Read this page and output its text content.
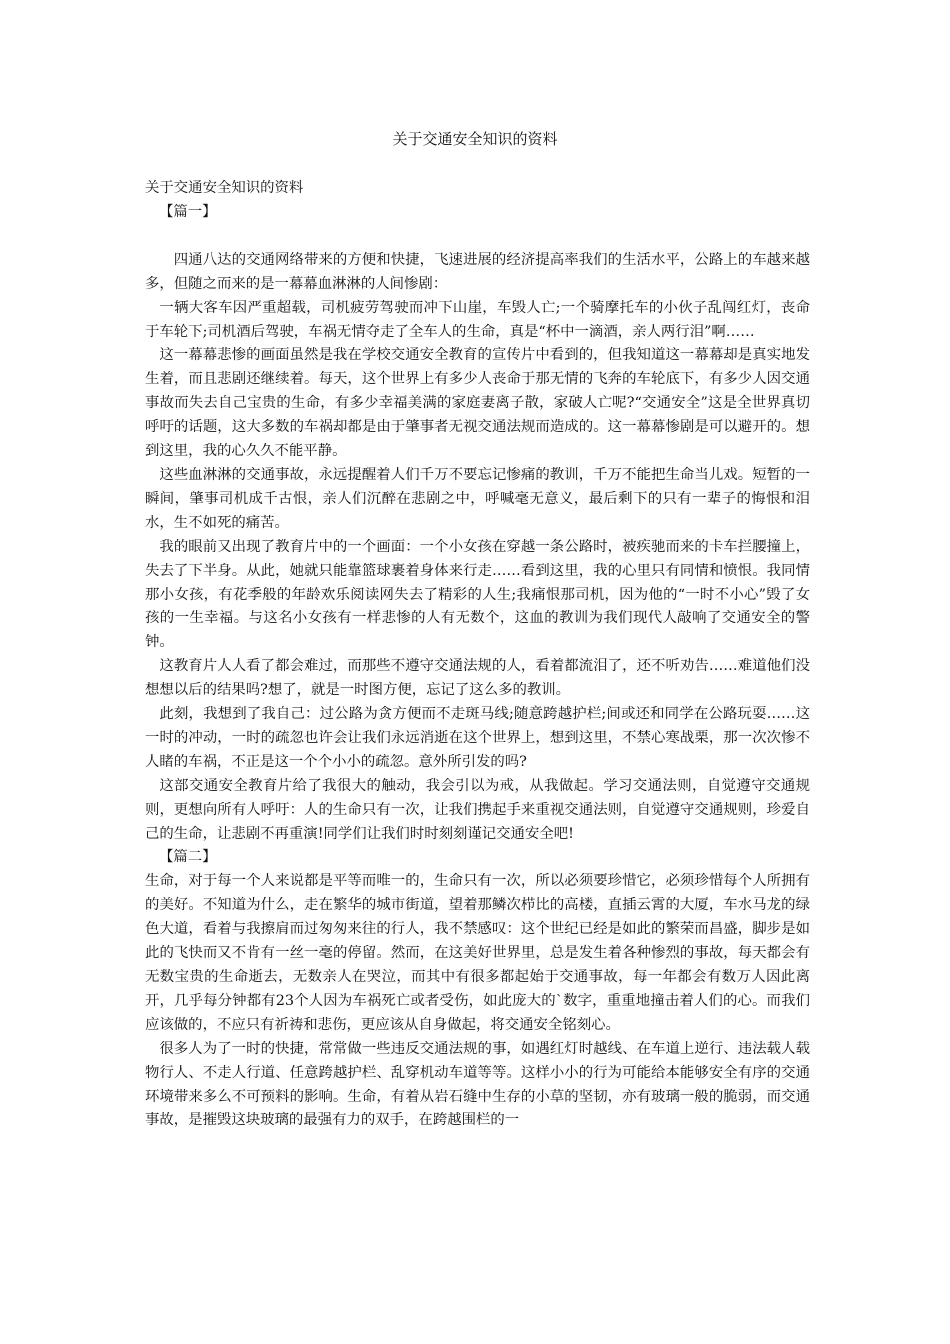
关于交通安全知识的资料

关于交通安全知识的资料

【篇一】

四通八达的交通网络带来的方便和快捷，飞速进展的经济提高率我们的生活水平，公路上的车越来越多，但随之而来的是一幕幕血淋淋的人间惨剧：

一辆大客车因严重超载，司机疲劳驾驶而冲下山崖，车毁人亡;一个骑摩托车的小伙子乱闯红灯，丧命于车轮下;司机酒后驾驶，车祸无情夺走了全车人的生命，真是“杯中一滴酒，亲人两行泪”啊……

这一幕幕悲惨的画面虽然是我在学校交通安全教育的宣传片中看到的，但我知道这一幕幕却是真实地发生着，而且悲剧还继续着。每天，这个世界上有多少人丧命于那无情的飞奔的车轮底下，有多少人因交通事故而失去自己宝贵的生命，有多少幸福美满的家庭妻离子散，家破人亡呢?“交通安全”这是全世界真切呼吁的话题，这大多数的车祸却都是由于肇事者无视交通法规而造成的。这一幕幕惨剧是可以避开的。想到这里，我的心久久不能平静。

这些血淋淋的交通事故，永远提醒着人们千万不要忘记惨痛的教训，千万不能把生命当儿戏。短暂的一瞬间，肇事司机成千古恨，亲人们沉醉在悲剧之中，呼喊毫无意义，最后剩下的只有一辈子的悔恨和泪水，生不如死的痛苦。

我的眼前又出现了教育片中的一个画面：一个小女孩在穿越一条公路时，被疾驰而来的卡车拦腰撞上，失去了下半身。从此，她就只能靠篮球裹着身体来行走……看到这里，我的心里只有同情和愤恨。我同情那小女孩，有花季般的年龄欢乐阅读网失去了精彩的人生;我痛恨那司机，因为他的“一时不小心”毁了女孩的一生幸福。与这名小女孩有一样悲惨的人有无数个，这血的教训为我们现代人敲响了交通安全的警钟。

这教育片人人看了都会难过，而那些不遵守交通法规的人，看着都流泪了，还不听劝告……难道他们没想想以后的结果吗?想了，就是一时图方便，忘记了这么多的教训。

此刻，我想到了我自己：过公路为贪方便而不走斑马线;随意跨越护栏;间或还和同学在公路玩耍……这一时的冲动，一时的疏忽也许会让我们永远消逝在这个世界上，想到这里，不禁心寒战栗，那一次次惨不人睹的车祸，不正是这一个个小小的疏忽。意外所引发的吗?

这部交通安全教育片给了我很大的触动，我会引以为戒，从我做起。学习交通法则，自觉遵守交通规则，更想向所有人呼吁：人的生命只有一次，让我们携起手来重视交通法则，自觉遵守交通规则，珍爱自己的生命，让悲剧不再重演!同学们让我们时时刻刻谨记交通安全吧!

【篇二】

生命，对于每一个人来说都是平等而唯一的，生命只有一次，所以必须要珍惜它，必须珍惜每个人所拥有的美好。不知道为什么，走在繁华的城市街道，望着那鳞次栉比的高楼，直插云霄的大厦，车水马龙的绿色大道，看着与我擦肩而过匆匆来往的行人，我不禁感叹：这个世纪已经是如此的繁荣而昌盛，脚步是如此的飞快而又不肯有一丝一毫的停留。然而，在这美好世界里，总是发生着各种惨烈的事故，每天都会有无数宝贵的生命逝去，无数亲人在哭泣，而其中有很多都起始于交通事故，每一年都会有数万人因此离开，几乎每分钟都有23个人因为车祸死亡或者受伤，如此庞大的`数字，重重地撞击着人们的心。而我们应该做的，不应只有祈祷和悲伤，更应该从自身做起，将交通安全铭刻心。

很多人为了一时的快捷，常常做一些违反交通法规的事，如遇红灯时越线、在车道上逆行、违法载人载物行人、不走人行道、任意跨越护栏、乱穿机动车道等等。这样小小的行为可能给本能够安全有序的交通环境带来多么不可预料的影响。生命，有着从岩石缝中生存的小草的坚韧，亦有玻璃一般的脆弱，而交通事故，是摧毁这块玻璃的最强有力的双手，在跨越围栏的一
